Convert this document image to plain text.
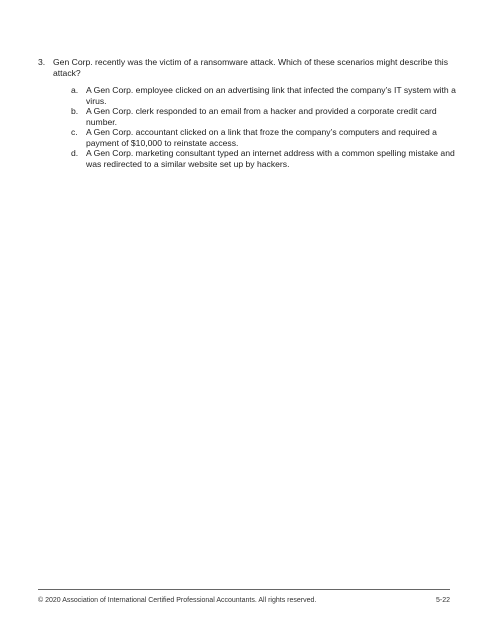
3. Gen Corp. recently was the victim of a ransomware attack. Which of these scenarios might describe this attack?
a. A Gen Corp. employee clicked on an advertising link that infected the company’s IT system with a virus.
b. A Gen Corp. clerk responded to an email from a hacker and provided a corporate credit card number.
c. A Gen Corp. accountant clicked on a link that froze the company’s computers and required a payment of $10,000 to reinstate access.
d. A Gen Corp. marketing consultant typed an internet address with a common spelling mistake and was redirected to a similar website set up by hackers.
© 2020 Association of International Certified Professional Accountants. All rights reserved.	5-22
